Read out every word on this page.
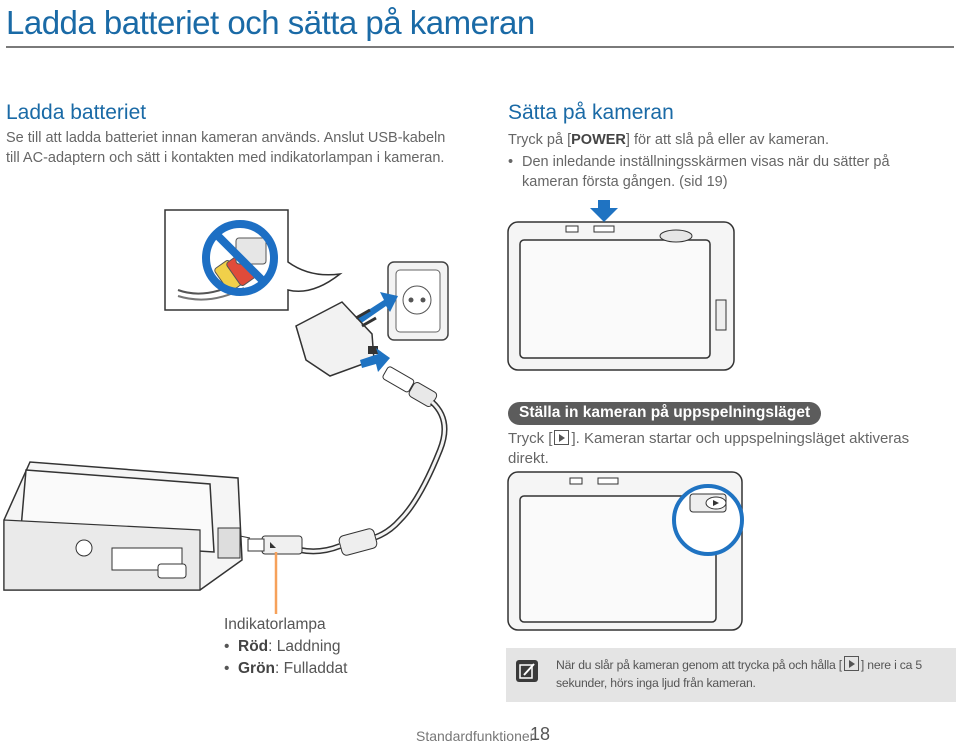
Ladda batteriet och sätta på kameran
Ladda batteriet
Se till att ladda batteriet innan kameran används. Anslut USB-kabeln till AC-adaptern och sätt i kontakten med indikatorlampan i kameran.
Sätta på kameran
Tryck på [POWER] för att slå på eller av kameran.
• Den inledande inställningsskärmen visas när du sätter på kameran första gången. (sid 19)
Ställa in kameran på uppspelningsläget
Tryck [ ]. Kameran startar och uppspelningsläget aktiveras direkt.
Indikatorlampa
• Röd : Laddning
• Grön : Fulladdat	När du slår på kameran genom att trycka på och hålla [ ] nere i ca 5 sekunder, hörs inga ljud från kameran.
Standardfunktioner
18
